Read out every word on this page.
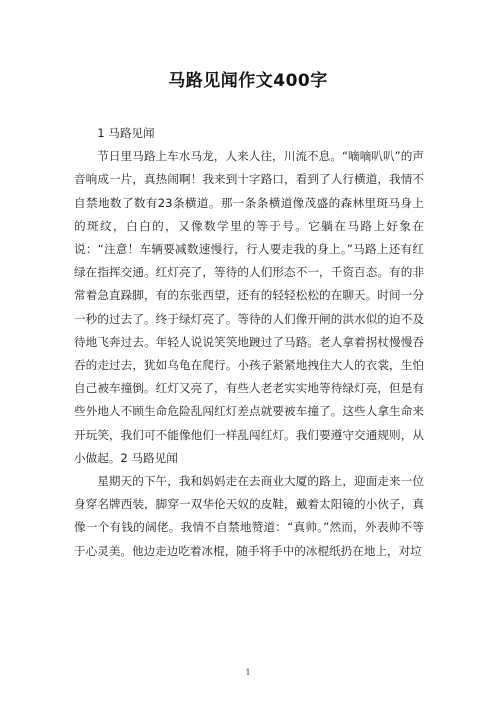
马路见闻作文400字

1 马路见闻

节日里马路上车水马龙，人来人往，川流不息。“嘀嘀叭叭”的声音响成一片，真热闹啊！我来到十字路口，看到了人行横道，我情不自禁地数了数有23条横道。那一条条横道像茂盛的森林里斑马身上的斑纹，白白的，又像数学里的等于号。它躺在马路上好象在说：“注意！车辆要减数速慢行，行人要走我的身上。”马路上还有红绿在指挥交通。红灯亮了，等待的人们形态不一，千资百态。有的非常着急直跺脚，有的东张西望，还有的轻轻松松的在聊天。时间一分一秒的过去了。终于绿灯亮了。等待的人们像开闸的洪水似的迫不及待地飞奔过去。年轻人说说笑笑地踱过了马路。老人拿着拐杖慢慢吞吞的走过去，犹如乌龟在爬行。小孩子紧紧地拽住大人的衣裳，生怕自己被车撞倒。红灯又亮了，有些人老老实实地等待绿灯亮，但是有些外地人不顾生命危险乱闯红灯差点就要被车撞了。这些人拿生命来开玩笑，我们可不能像他们一样乱闯红灯。我们要遵守交通规则，从小做起。2 马路见闻

星期天的下午，我和妈妈走在去商业大厦的路上，迎面走来一位身穿名牌西装，脚穿一双华伦天奴的皮鞋，戴着太阳镜的小伙子，真像一个有钱的阔佬。我情不自禁地赞道：“真帅。”然而，外表帅不等于心灵美。他边走边吃着冰棍，随手将手中的冰棍纸扔在地上，对垃

1
